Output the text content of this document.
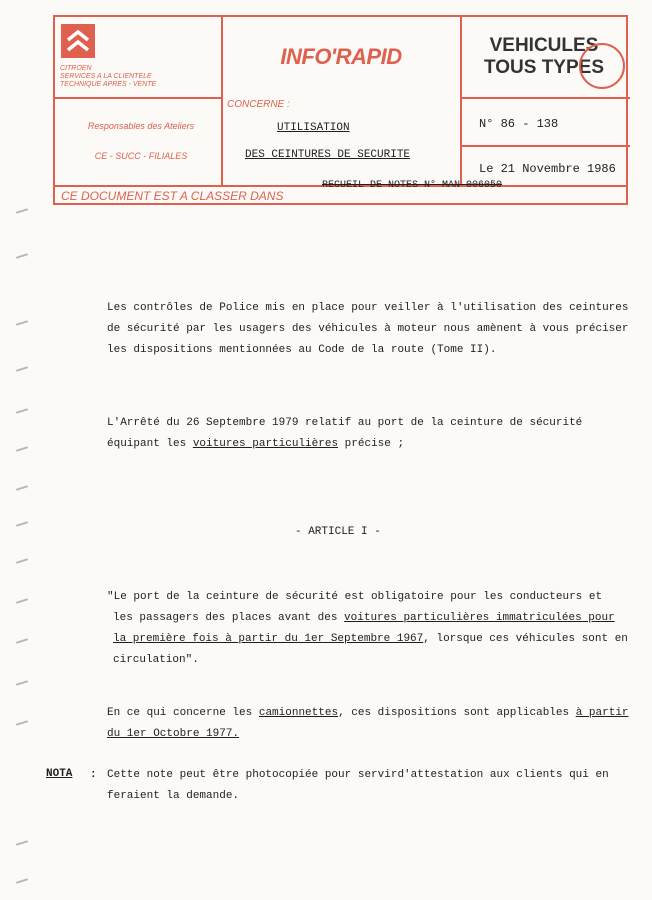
CITROEN
SERVICES A LA CLIENTELE
TECHNIQUE APRES - VENTE
INFO'RAPID	VEHICULES
TOUS TYPES
CONCERNE :
Responsables des Ateliers
CE - SUCC - FILIALES
UTILISATION
DES CEINTURES DE SECURITE
N° 86 - 138
Le 21 Novembre 1986
CE DOCUMENT EST A CLASSER DANS
RECUEIL DE NOTES N° MAN 006050
Les contrôles de Police mis en place pour veiller à l'utilisation des ceintures
de sécurité par les usagers des véhicules à moteur nous amènent à vous préciser
les dispositions mentionnées au Code de la route (Tome II).
L'Arrêté du 26 Septembre 1979 relatif au port de la ceinture de sécurité
équipant les voitures particulières précise ;
- ARTICLE I -
"Le port de la ceinture de sécurité est obligatoire pour les conducteurs et
les passagers des places avant des voitures particulières immatriculées pour
la première fois à partir du 1er Septembre 1967, lorsque ces véhicules sont en
circulation".
En ce qui concerne les camionnettes, ces dispositions sont applicables à partir
du 1er Octobre 1977.
NOTA : Cette note peut être photocopiée pour servird'attestation aux clients qui en
feraient la demande.
